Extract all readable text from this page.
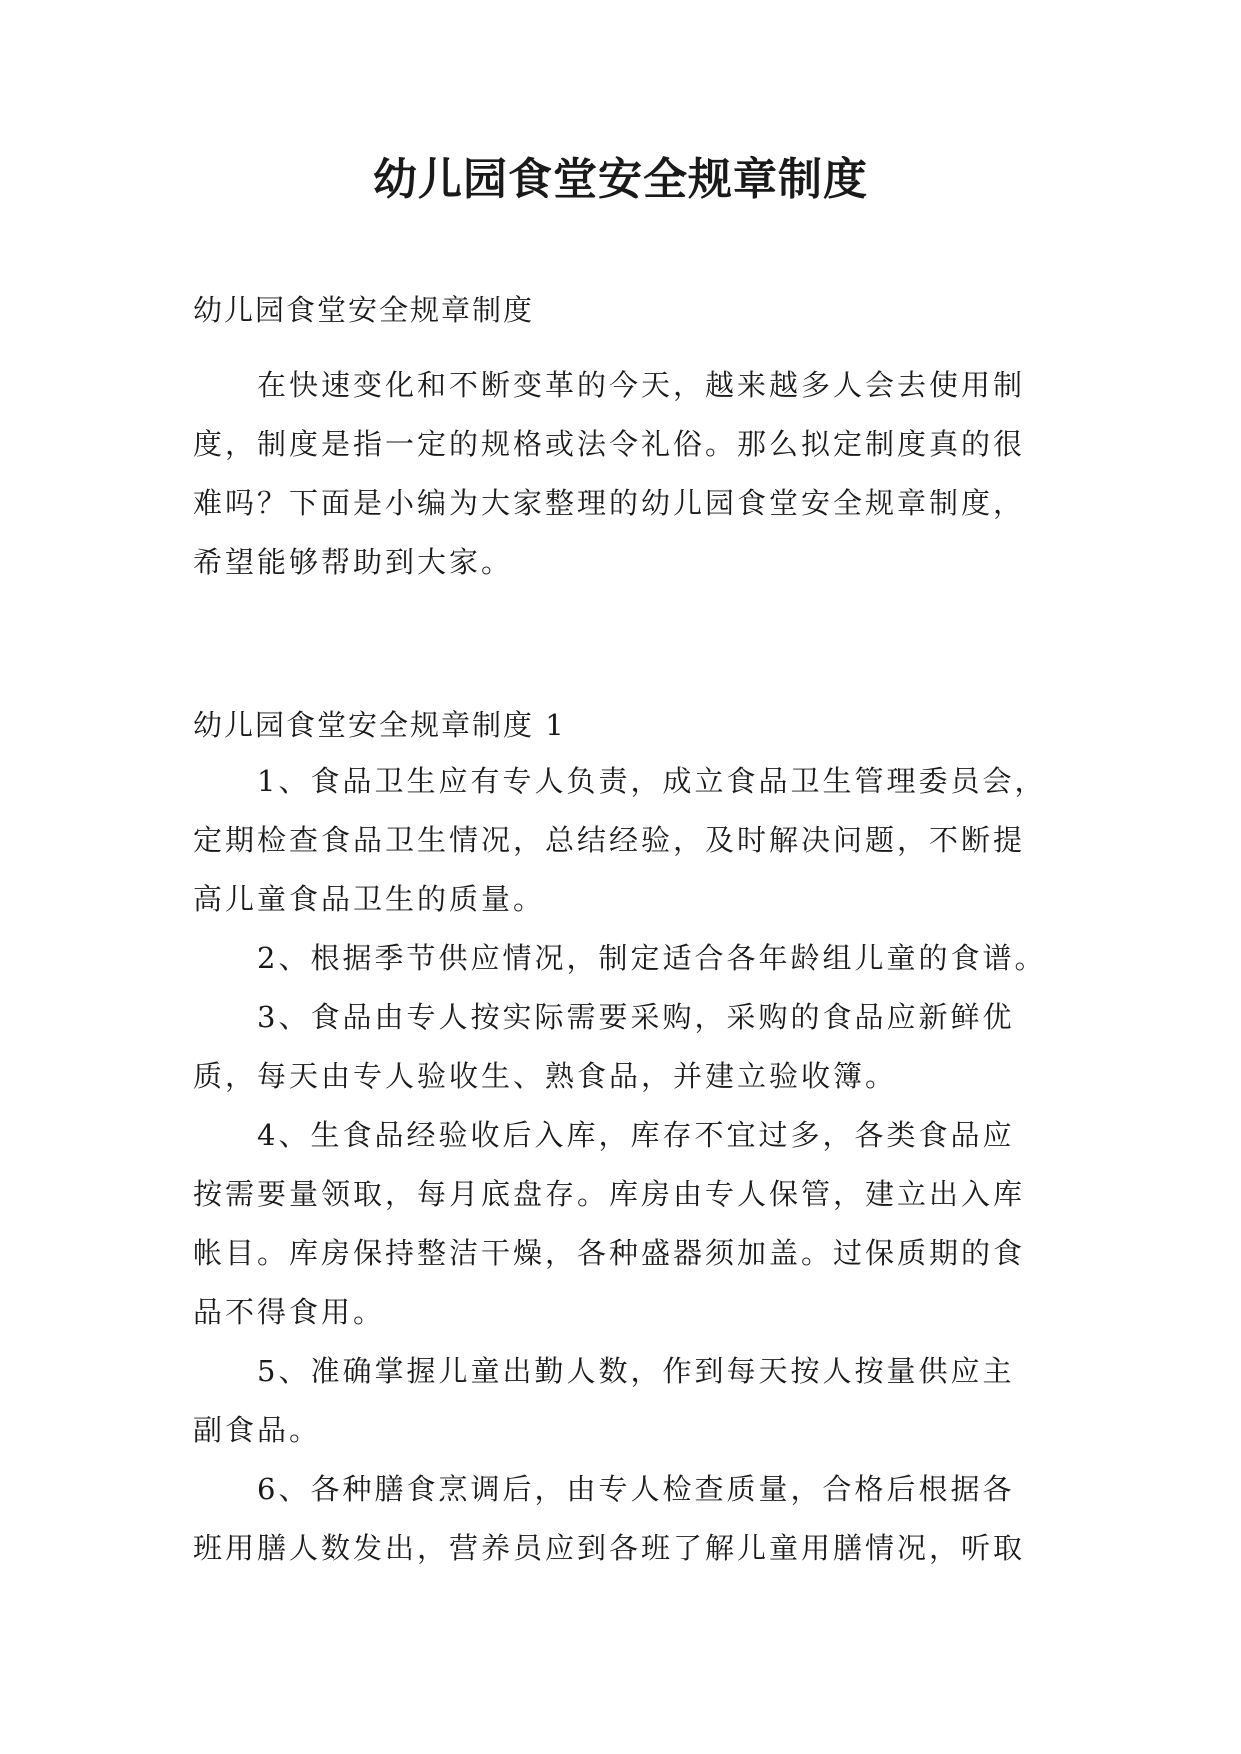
幼儿园食堂安全规章制度

幼儿园食堂安全规章制度

在快速变化和不断变革的今天，越来越多人会去使用制
度，制度是指一定的规格或法令礼俗。那么拟定制度真的很
难吗？下面是小编为大家整理的幼儿园食堂安全规章制度，
希望能够帮助到大家。

幼儿园食堂安全规章制度 1

1、食品卫生应有专人负责，成立食品卫生管理委员会，
定期检查食品卫生情况，总结经验，及时解决问题，不断提
高儿童食品卫生的质量。

2、根据季节供应情况，制定适合各年龄组儿童的食谱。

3、食品由专人按实际需要采购，采购的食品应新鲜优
质，每天由专人验收生、熟食品，并建立验收簿。

4、生食品经验收后入库，库存不宜过多，各类食品应
按需要量领取，每月底盘存。库房由专人保管，建立出入库
帐目。库房保持整洁干燥，各种盛器须加盖。过保质期的食
品不得食用。

5、准确掌握儿童出勤人数，作到每天按人按量供应主
副食品。

6、各种膳食烹调后，由专人检查质量，合格后根据各
班用膳人数发出，营养员应到各班了解儿童用膳情况，听取
